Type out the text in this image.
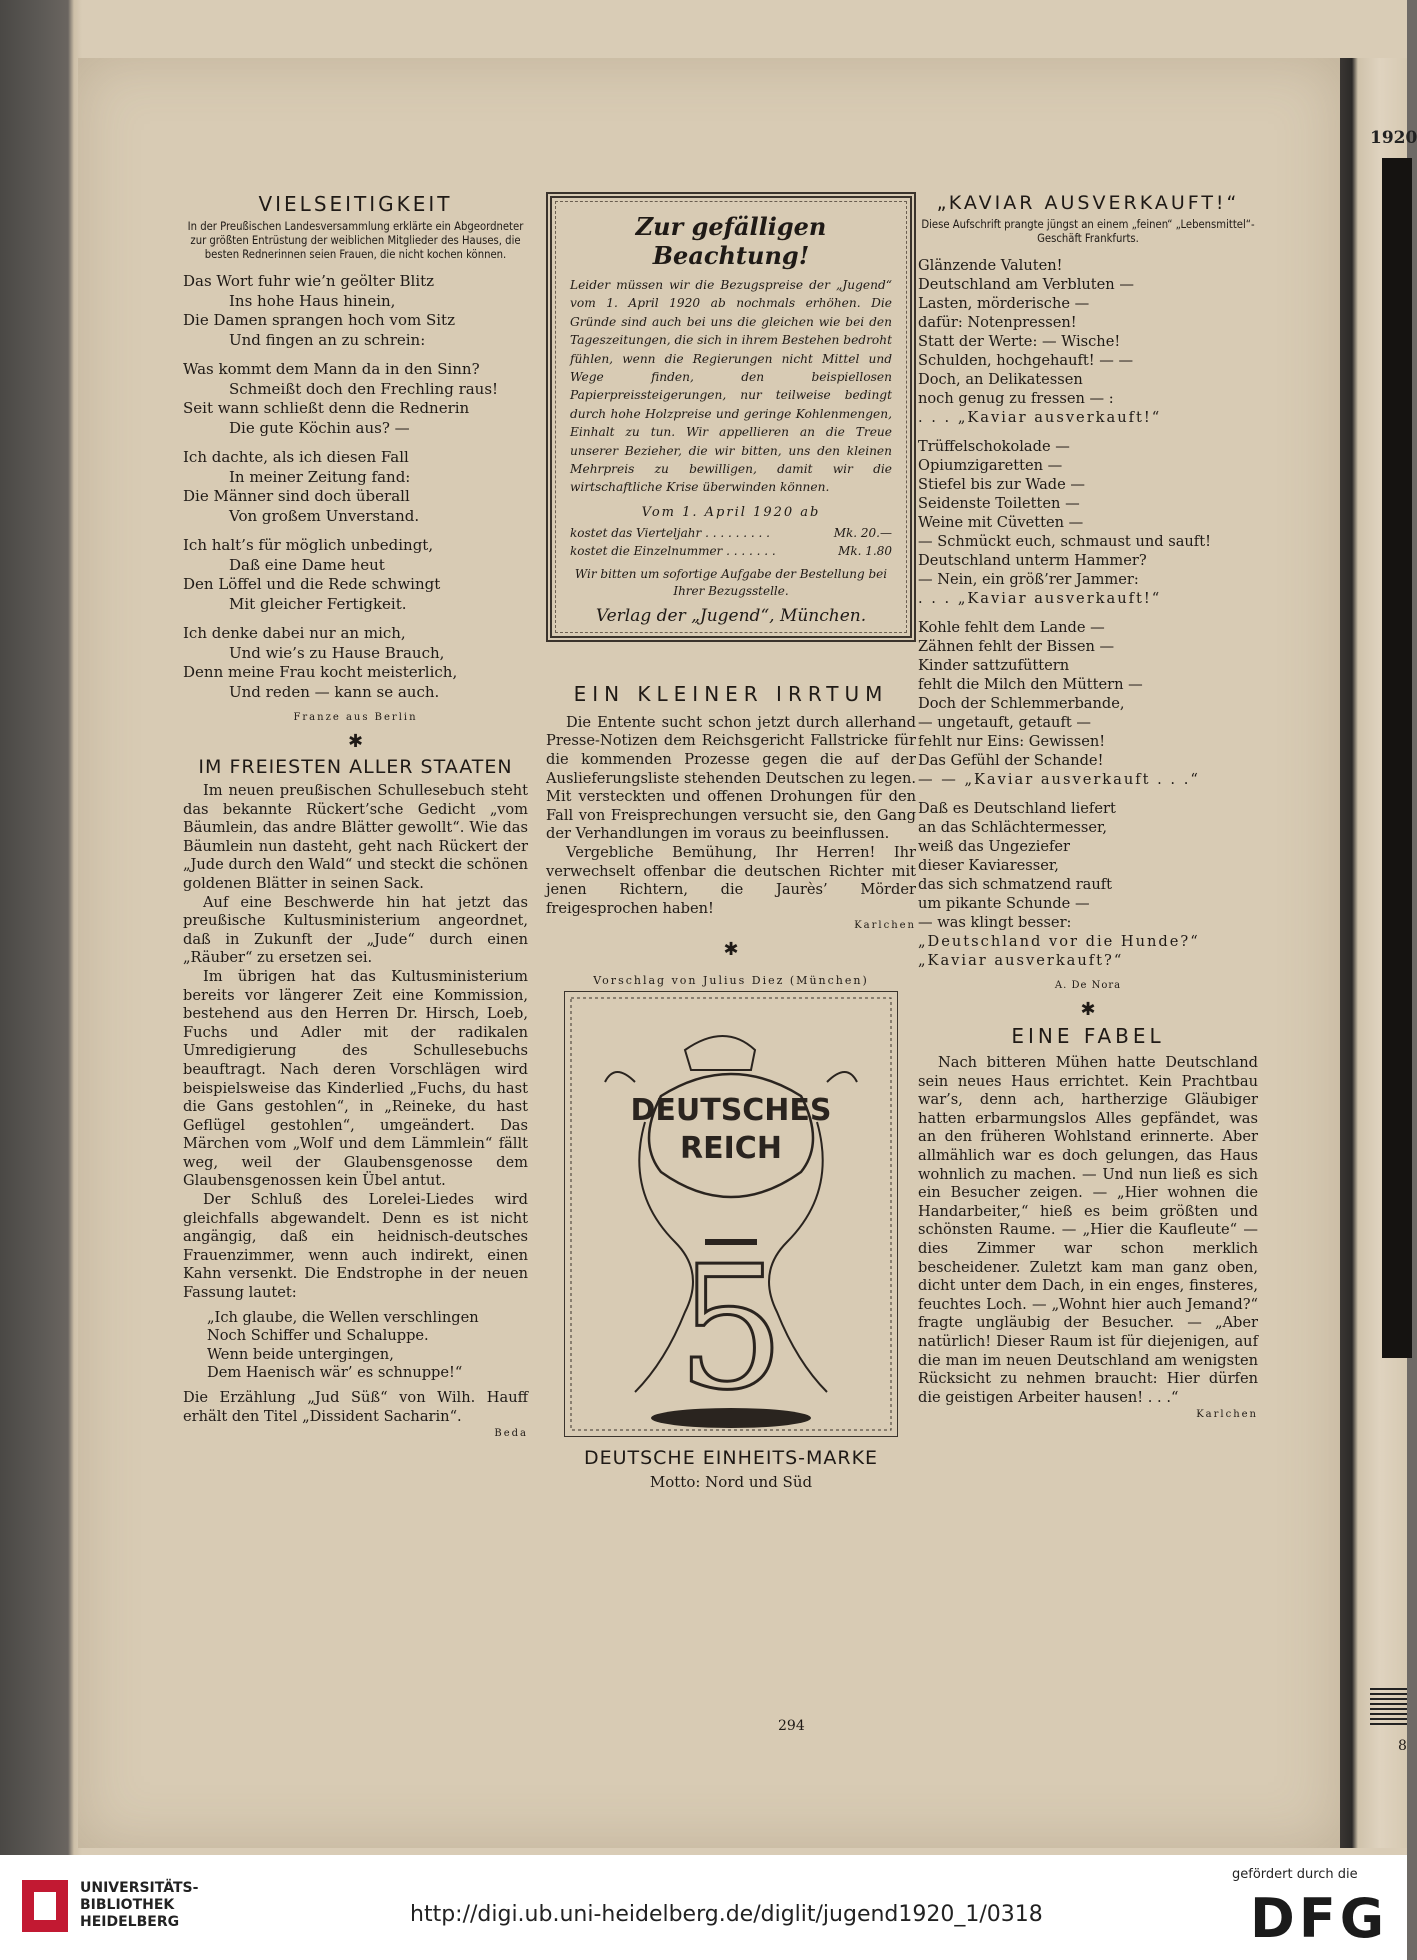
VIELSEITIGKEIT

In der Preußischen Landesversammlung erklärte ein Abgeordneter zur größten Entrüstung der weiblichen Mitglieder des Hauses, die besten Rednerinnen seien Frauen, die nicht kochen können.

Das Wort fuhr wie’n geölter Blitz
Ins hohe Haus hinein,
Die Damen sprangen hoch vom Sitz
Und fingen an zu schrein:
Was kommt dem Mann da in den Sinn?
Schmeißt doch den Frechling raus!
Seit wann schließt denn die Rednerin
Die gute Köchin aus? —
Ich dachte, als ich diesen Fall
In meiner Zeitung fand:
Die Männer sind doch überall
Von großem Unverstand.
Ich halt’s für möglich unbedingt,
Daß eine Dame heut
Den Löffel und die Rede schwingt
Mit gleicher Fertigkeit.
Ich denke dabei nur an mich,
Und wie’s zu Hause Brauch,
Denn meine Frau kocht meisterlich,
Und reden — kann se auch.
Franze aus Berlin
✱
IM FREIESTEN ALLER STAATEN

Im neuen preußischen Schullesebuch steht das bekannte Rückert’sche Gedicht „vom Bäumlein, das andre Blätter gewollt“. Wie das Bäumlein nun dasteht, geht nach Rückert der „Jude durch den Wald“ und steckt die schönen goldenen Blätter in seinen Sack.

Auf eine Beschwerde hin hat jetzt das preußische Kultusministerium angeordnet, daß in Zukunft der „Jude“ durch einen „Räuber“ zu ersetzen sei.

Im übrigen hat das Kultusministerium bereits vor längerer Zeit eine Kommission, bestehend aus den Herren Dr. Hirsch, Loeb, Fuchs und Adler mit der radikalen Umredigierung des Schullesebuchs beauftragt. Nach deren Vorschlägen wird beispielsweise das Kinderlied „Fuchs, du hast die Gans gestohlen“, in „Reineke, du hast Geflügel gestohlen“, umgeändert. Das Märchen vom „Wolf und dem Lämmlein“ fällt weg, weil der Glaubensgenosse dem Glaubensgenossen kein Übel antut.

Der Schluß des Lorelei-Liedes wird gleichfalls abgewandelt. Denn es ist nicht angängig, daß ein heidnisch-deutsches Frauenzimmer, wenn auch indirekt, einen Kahn versenkt. Die Endstrophe in der neuen Fassung lautet:

„Ich glaube, die Wellen verschlingen
Noch Schiffer und Schaluppe.
Wenn beide untergingen,
Dem Haenisch wär’ es schnuppe!“

Die Erzählung „Jud Süß“ von Wilh. Hauff erhält den Titel „Dissident Sacharin“.

Beda
Zur gefälligen Beachtung!

Leider müssen wir die Bezugspreise der „Jugend“ vom 1. April 1920 ab nochmals erhöhen. Die Gründe sind auch bei uns die gleichen wie bei den Tageszeitungen, die sich in ihrem Bestehen bedroht fühlen, wenn die Regierungen nicht Mittel und Wege finden, den beispiellosen Papierpreissteigerungen, nur teilweise bedingt durch hohe Holzpreise und geringe Kohlenmengen, Einhalt zu tun. Wir appellieren an die Treue unserer Bezieher, die wir bitten, uns den kleinen Mehrpreis zu bewilligen, damit wir die wirtschaftliche Krise überwinden können.

Vom 1. April 1920 ab
kostet das Vierteljahr . . . . . . . . .	Mk. 20.—
kostet die Einzelnummer . . . . . . .	Mk. 1.80

Wir bitten um sofortige Aufgabe der Bestellung bei Ihrer Bezugsstelle.

Verlag der „Jugend“, München.
EIN KLEINER IRRTUM

Die Entente sucht schon jetzt durch allerhand Presse-Notizen dem Reichsgericht Fallstricke für die kommenden Prozesse gegen die auf der Auslieferungsliste stehenden Deutschen zu legen. Mit versteckten und offenen Drohungen für den Fall von Freisprechungen versucht sie, den Gang der Verhandlungen im voraus zu beeinflussen.

Vergebliche Bemühung, Ihr Herren! Ihr verwechselt offenbar die deutschen Richter mit jenen Richtern, die Jaurès’ Mörder freigesprochen haben!

Karlchen
✱
Vorschlag von Julius Diez (München)
DEUTSCHES
REICH
5
DEUTSCHE EINHEITS-MARKE
Motto: Nord und Süd
„KAVIAR AUSVERKAUFT!“

Diese Aufschrift prangte jüngst an einem „feinen“ „Lebensmittel“-Geschäft Frankfurts.

Glänzende Valuten!
Deutschland am Verbluten —
Lasten, mörderische —
dafür: Notenpressen!
Statt der Werte: — Wische!
Schulden, hochgehauft! — —
Doch, an Delikatessen
noch genug zu fressen — :
. . . „Kaviar ausverkauft!“
Trüffelschokolade —
Opiumzigaretten —
Stiefel bis zur Wade —
Seidenste Toiletten —
Weine mit Cüvetten —
— Schmückt euch, schmaust und sauft!
Deutschland unterm Hammer?
— Nein, ein größ’rer Jammer:
. . . „Kaviar ausverkauft!“
Kohle fehlt dem Lande —
Zähnen fehlt der Bissen —
Kinder sattzufüttern
fehlt die Milch den Müttern —
Doch der Schlemmerbande,
— ungetauft, getauft —
fehlt nur Eins: Gewissen!
Das Gefühl der Schande!
— — „Kaviar ausverkauft . . .“
Daß es Deutschland liefert
an das Schlächtermesser,
weiß das Ungeziefer
dieser Kaviaresser,
das sich schmatzend rauft
um pikante Schunde —
— was klingt besser:
„Deutschland vor die Hunde?“
„Kaviar ausverkauft?“
A. De Nora
✱
EINE FABEL

Nach bitteren Mühen hatte Deutschland sein neues Haus errichtet. Kein Prachtbau war’s, denn ach, hartherzige Gläubiger hatten erbarmungslos Alles gepfändet, was an den früheren Wohlstand erinnerte. Aber allmählich war es doch gelungen, das Haus wohnlich zu machen. — Und nun ließ es sich ein Besucher zeigen. — „Hier wohnen die Handarbeiter,“ hieß es beim größten und schönsten Raume. — „Hier die Kaufleute“ — dies Zimmer war schon merklich bescheidener. Zuletzt kam man ganz oben, dicht unter dem Dach, in ein enges, finsteres, feuchtes Loch. — „Wohnt hier auch Jemand?“ fragte ungläubig der Besucher. — „Aber natürlich! Dieser Raum ist für diejenigen, auf die man im neuen Deutschland am wenigsten Rücksicht zu nehmen braucht: Hier dürfen die geistigen Arbeiter hausen! . . .“

Karlchen
294
1920
8
UNIVERSITÄTS-
BIBLIOTHEK
HEIDELBERG	http://digi.ub.uni-heidelberg.de/diglit/jugend1920_1/0318
gefördert durch die
DFG
